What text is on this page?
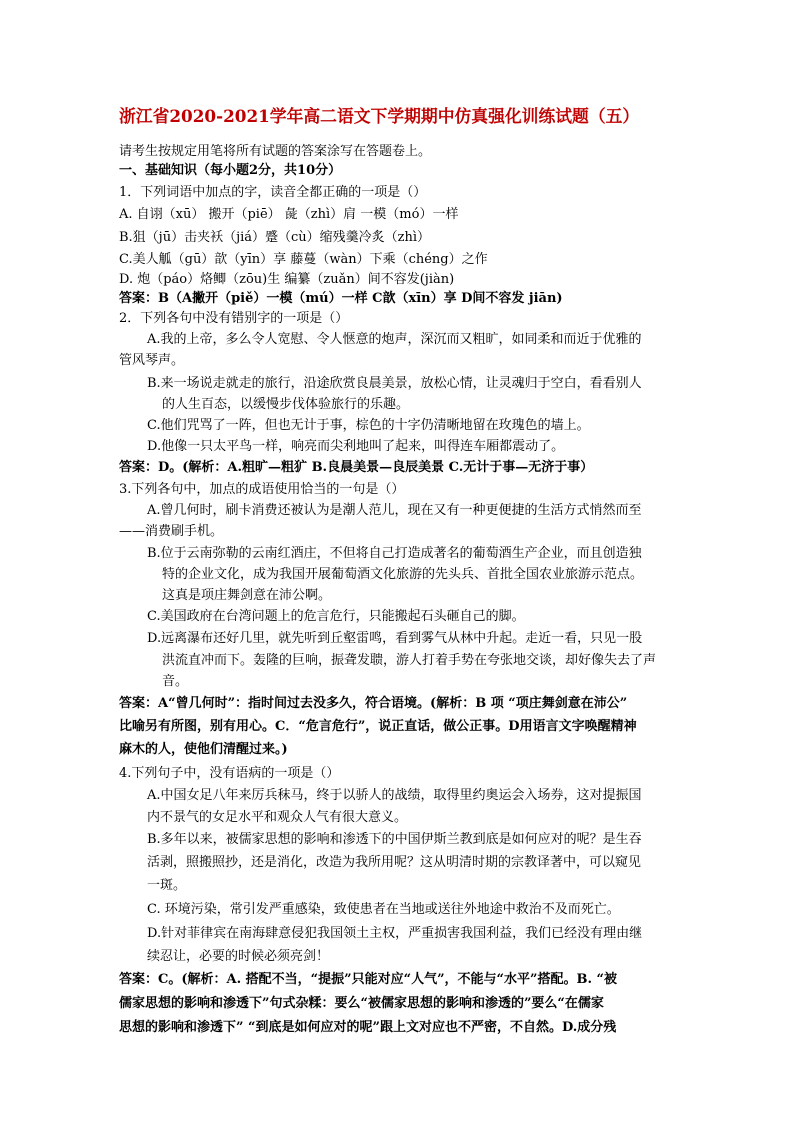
浙江省2020-2021学年高二语文下学期期中仿真强化训练试题（五）
请考生按规定用笔将所有试题的答案涂写在答题卷上。
一、基础知识（每小题2分，共10分）
1．下列词语中加点的字，读音全都正确的一项是（）
A. 自诩（xū） 搬开（piē） 彘（zhì）肩 一模（mó）一样
B.狙（jū）击夹袄（jiá）蹙（cù）缩残羹冷炙（zhì）
C.美人觚（gū）歆（yīn）享 藤蔓（wàn）下乘（chéng）之作
D. 炮（páo）烙鲫（zōu)生 编纂（zuǎn）间不容发(jiàn)
答案：B（A撇开（piě）一模（mú）一样 C歆（xīn）享 D间不容发 jiān)
2．下列各句中没有错别字的一项是（）
A.我的上帝，多么令人宽慰、令人惬意的炮声，深沉而又粗旷，如同柔和而近于优雅的
管风琴声。
B.来一场说走就走的旅行，沿途欣赏良晨美景，放松心情，让灵魂归于空白，看看别人
的人生百态，以缓慢步伐体验旅行的乐趣。
C.他们咒骂了一阵，但也无计于事，棕色的十字仍清晰地留在玫瑰色的墙上。
D.他像一只太平鸟一样，响亮而尖利地叫了起来，叫得连车厢都震动了。
答案：D。(解析：A.粗旷—粗犷 B.良晨美景—良辰美景 C.无计于事—无济于事）
3.下列各句中，加点的成语使用恰当的一句是（）
A.曾几何时，刷卡消费还被认为是潮人范儿，现在又有一种更便捷的生活方式悄然而至
——消费刷手机。
B.位于云南弥勒的云南红酒庄，不但将自己打造成著名的葡萄酒生产企业，而且创造独
特的企业文化，成为我国开展葡萄酒文化旅游的先头兵、首批全国农业旅游示范点。
这真是项庄舞剑意在沛公啊。
C.美国政府在台湾问题上的危言危行，只能搬起石头砸自己的脚。
D.远离瀑布还好几里，就先听到丘壑雷鸣，看到雾气从林中升起。走近一看，只见一股
洪流直冲而下。轰隆的巨响，振聋发聩，游人打着手势在夸张地交谈，却好像失去了声
音。
答案：A“曾几何时”：指时间过去没多久，符合语境。(解析：B 项 “项庄舞剑意在沛公”
比喻另有所图，别有用心。C．“危言危行”，说正直话，做公正事。D用语言文字唤醒精神
麻木的人，使他们清醒过来。)
4.下列句子中，没有语病的一项是（）
A.中国女足八年来厉兵秣马，终于以骄人的战绩，取得里约奥运会入场券，这对提振国
内不景气的女足水平和观众人气有很大意义。
B.多年以来，被儒家思想的影响和渗透下的中国伊斯兰教到底是如何应对的呢？是生吞
活剥，照搬照抄，还是消化，改造为我所用呢？这从明清时期的宗教译著中，可以窥见
一斑。
C. 环境污染，常引发严重感染，致使患者在当地或送往外地途中救治不及而死亡。
D.针对菲律宾在南海肆意侵犯我国领土主权，严重损害我国利益，我们已经没有理由继
续忍让，必要的时候必须亮剑！
答案：C。(解析：A. 搭配不当，“提振”只能对应“人气”，不能与“水平”搭配。B. “被
儒家思想的影响和渗透下”句式杂糅：要么“被儒家思想的影响和渗透的”要么“在儒家
思想的影响和渗透下” “到底是如何应对的呢”跟上文对应也不严密，不自然。D.成分残
